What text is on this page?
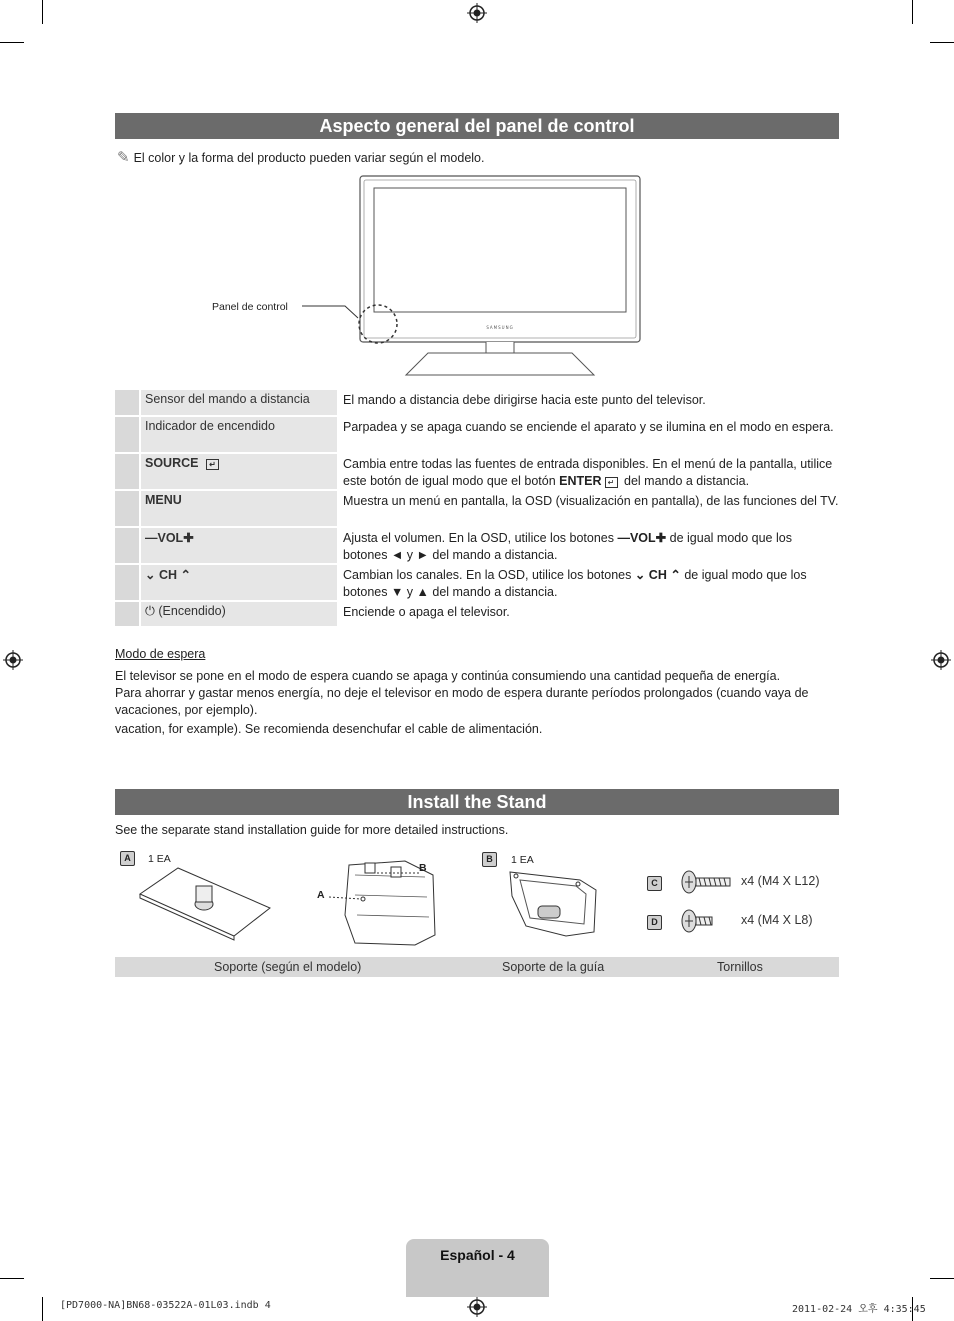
Aspecto general del panel de control
✎ El color y la forma del producto pueden variar según el modelo.
SAMSUNG
Panel de control
Sensor del mando a distancia	El mando a distancia debe dirigirse hacia este punto del televisor.
Indicador de encendido	Parpadea y se apaga cuando se enciende el aparato y se ilumina en el modo en espera.
SOURCE ↵	Cambia entre todas las fuentes de entrada disponibles. En el menú de la pantalla, utilice este botón de igual modo que el botón ENTER ↵ del mando a distancia.
MENU	Muestra un menú en pantalla, la OSD (visualización en pantalla), de las funciones del TV.
—VOL✚	Ajusta el volumen. En la OSD, utilice los botones —VOL✚ de igual modo que los botones ◄ y ► del mando a distancia.
⌄ CH ⌃	Cambian los canales. En la OSD, utilice los botones ⌄ CH ⌃ de igual modo que los botones ▼ y ▲ del mando a distancia.
⏻ (Encendido)	Enciende o apaga el televisor.
Modo de espera
El televisor se pone en el modo de espera cuando se apaga y continúa consumiendo una cantidad pequeña de energía.
Para ahorrar y gastar menos energía, no deje el televisor en modo de espera durante períodos prolongados (cuando vaya de vacaciones, por ejemplo).
vacation, for example). Se recomienda desenchufar el cable de alimentación.
Install the Stand
See the separate stand installation guide for more detailed instructions.
A	1 EA
B
A
B	1 EA
C	x4 (M4 X L12)
D	x4 (M4 X L8)
Soporte (según el modelo)	Soporte de la guía	Tornillos
Español - 4
[PD7000-NA]BN68-03522A-01L03.indb 4	2011-02-24 오후 4:35:45
